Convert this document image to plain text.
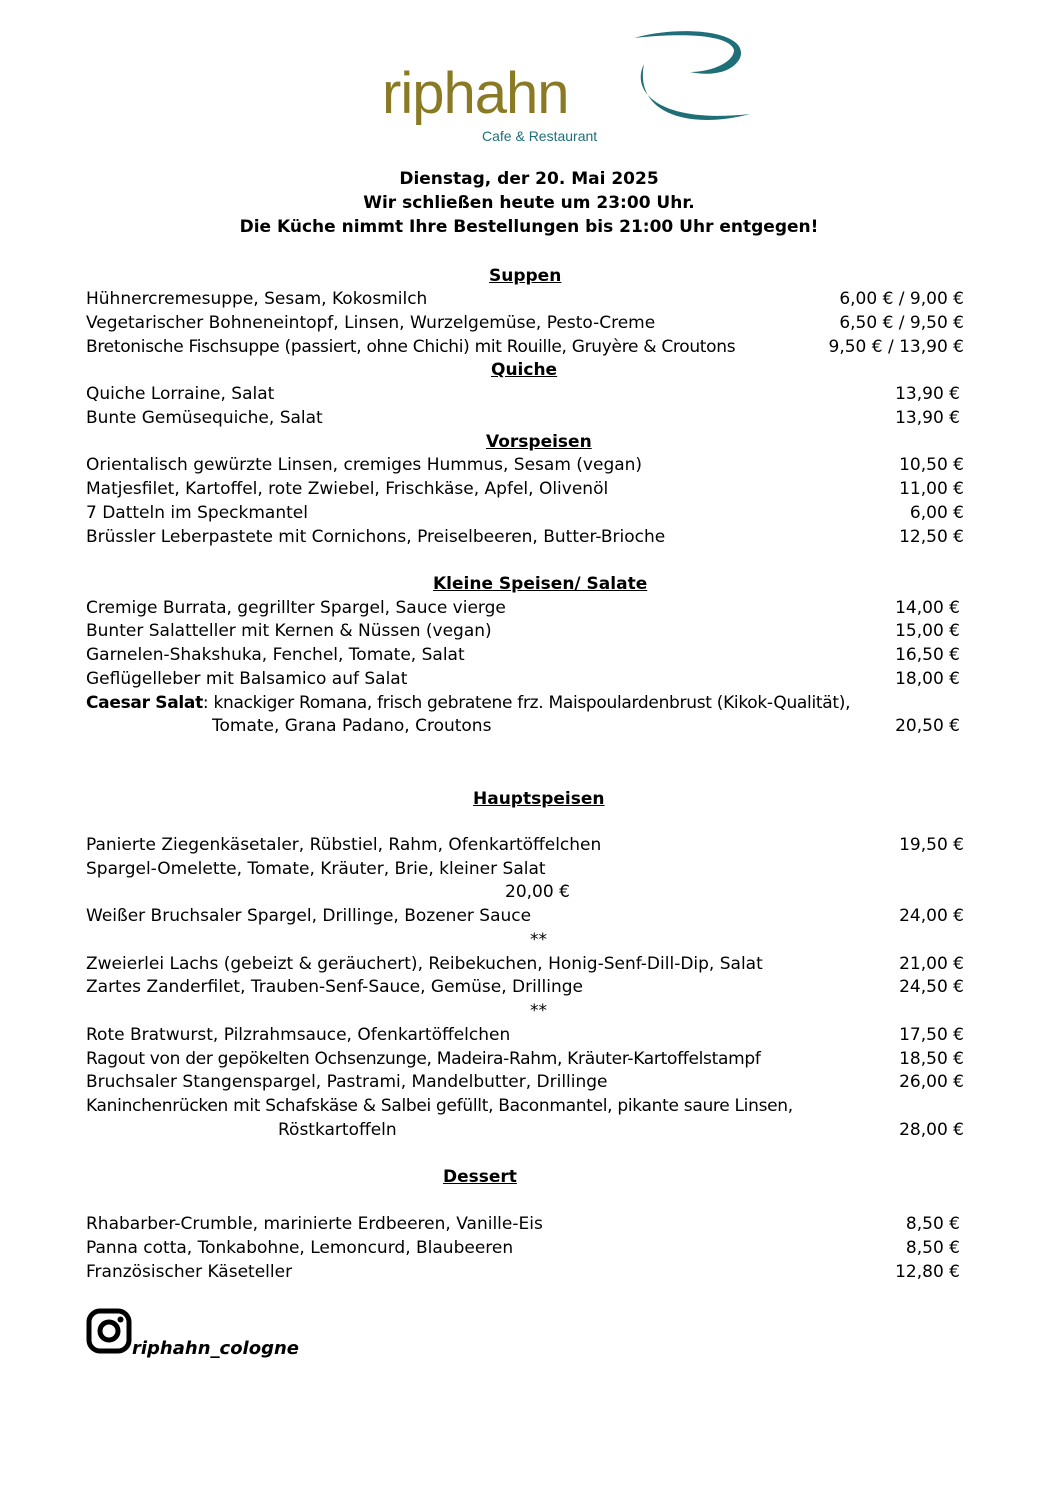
riphahn
Cafe & Restaurant
Dienstag, der 20. Mai 2025
Wir schließen heute um 23:00 Uhr.
Die Küche nimmt Ihre Bestellungen bis 21:00 Uhr entgegen!
Suppen
Hühnercremesuppe, Sesam, Kokosmilch	6,00 € / 9,00 €
Vegetarischer Bohneneintopf, Linsen, Wurzelgemüse, Pesto-Creme	6,50 € / 9,50 €
Bretonische Fischsuppe (passiert, ohne Chichi) mit Rouille, Gruyère & Croutons	9,50 € / 13,90 €
Quiche
Quiche Lorraine, Salat	13,90 €
Bunte Gemüsequiche, Salat	13,90 €
Vorspeisen
Orientalisch gewürzte Linsen, cremiges Hummus, Sesam (vegan)	10,50 €
Matjesfilet, Kartoffel, rote Zwiebel, Frischkäse, Apfel, Olivenöl	11,00 €
7 Datteln im Speckmantel	6,00 €
Brüssler Leberpastete mit Cornichons, Preiselbeeren, Butter-Brioche	12,50 €
Kleine Speisen/ Salate
Cremige Burrata, gegrillter Spargel, Sauce vierge	14,00 €
Bunter Salatteller mit Kernen & Nüssen (vegan)	15,00 €
Garnelen-Shakshuka, Fenchel, Tomate, Salat	16,50 €
Geflügelleber mit Balsamico auf Salat	18,00 €
Caesar Salat: knackiger Romana, frisch gebratene frz. Maispoulardenbrust (Kikok-Qualität),
Tomate, Grana Padano, Croutons	20,50 €
Hauptspeisen
Panierte Ziegenkäsetaler, Rübstiel, Rahm, Ofenkartöffelchen	19,50 €
Spargel-Omelette, Tomate, Kräuter, Brie, kleiner Salat
20,00 €
Weißer Bruchsaler Spargel, Drillinge, Bozener Sauce	24,00 €
**
Zweierlei Lachs (gebeizt & geräuchert), Reibekuchen, Honig-Senf-Dill-Dip, Salat	21,00 €
Zartes Zanderfilet, Trauben-Senf-Sauce, Gemüse, Drillinge	24,50 €
**
Rote Bratwurst, Pilzrahmsauce, Ofenkartöffelchen	17,50 €
Ragout von der gepökelten Ochsenzunge, Madeira-Rahm, Kräuter-Kartoffelstampf	18,50 €
Bruchsaler Stangenspargel, Pastrami, Mandelbutter, Drillinge	26,00 €
Kaninchenrücken mit Schafskäse & Salbei gefüllt, Baconmantel, pikante saure Linsen,
Röstkartoffeln	28,00 €
Dessert
Rhabarber-Crumble, marinierte Erdbeeren, Vanille-Eis	8,50 €
Panna cotta, Tonkabohne, Lemoncurd, Blaubeeren	8,50 €
Französischer Käseteller	12,80 €
riphahn_cologne
